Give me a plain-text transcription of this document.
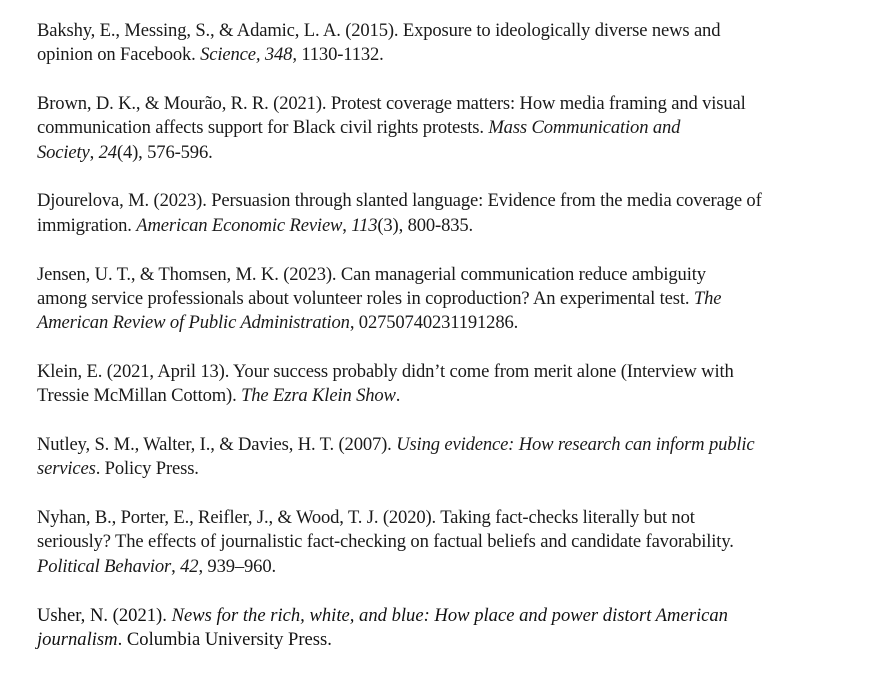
Bakshy, E., Messing, S., & Adamic, L. A. (2015). Exposure to ideologically diverse news and
opinion on Facebook. Science, 348, 1130-1132.

Brown, D. K., & Mourão, R. R. (2021). Protest coverage matters: How media framing and visual
communication affects support for Black civil rights protests. Mass Communication and
Society, 24(4), 576-596.

Djourelova, M. (2023). Persuasion through slanted language: Evidence from the media coverage of
immigration. American Economic Review, 113(3), 800-835.

Jensen, U. T., & Thomsen, M. K. (2023). Can managerial communication reduce ambiguity
among service professionals about volunteer roles in coproduction? An experimental test. The
American Review of Public Administration, 02750740231191286.

Klein, E. (2021, April 13). Your success probably didn’t come from merit alone (Interview with
Tressie McMillan Cottom). The Ezra Klein Show.

Nutley, S. M., Walter, I., & Davies, H. T. (2007). Using evidence: How research can inform public
services. Policy Press.

Nyhan, B., Porter, E., Reifler, J., & Wood, T. J. (2020). Taking fact-checks literally but not
seriously? The effects of journalistic fact-checking on factual beliefs and candidate favorability.
Political Behavior, 42, 939–960.

Usher, N. (2021). News for the rich, white, and blue: How place and power distort American
journalism. Columbia University Press.
